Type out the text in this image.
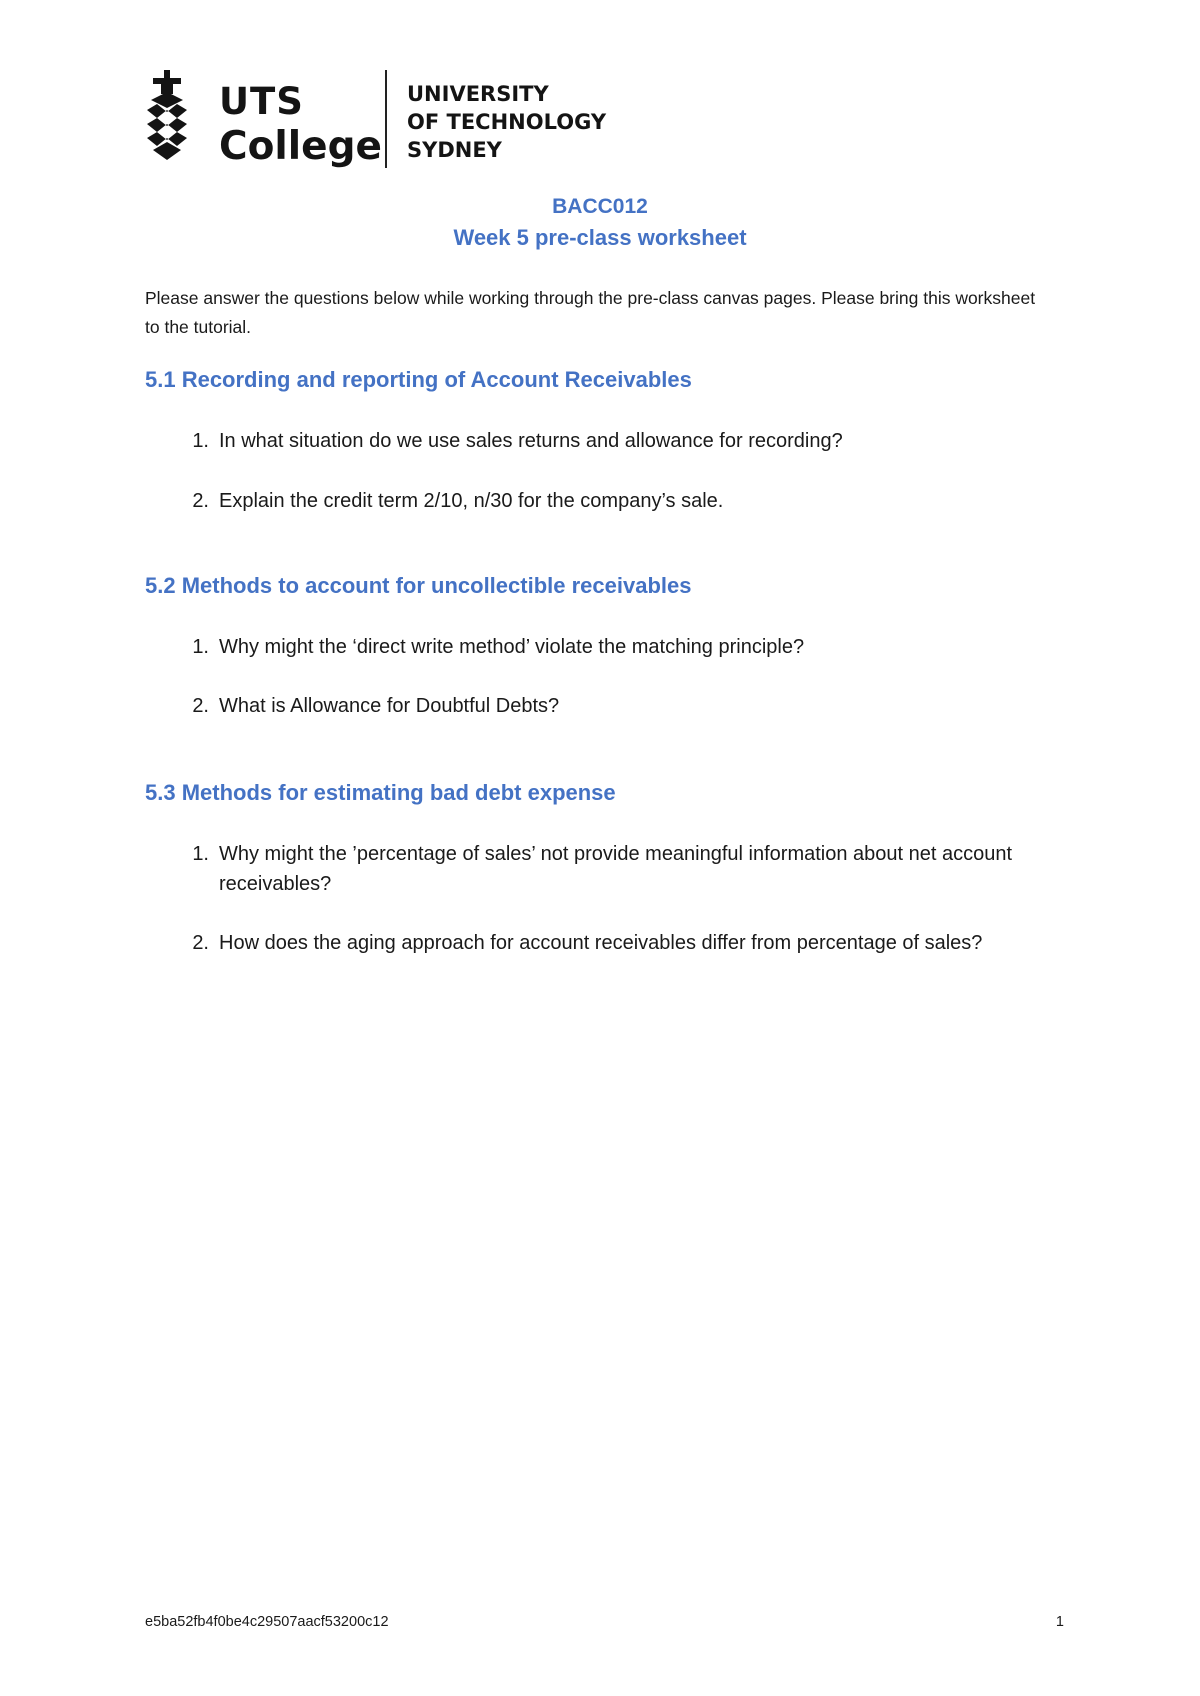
UTS
College
UNIVERSITY
OF TECHNOLOGY
SYDNEY
BACC012
Week 5 pre-class worksheet
Please answer the questions below while working through the pre-class canvas pages. Please bring this worksheet to the tutorial.
5.1 Recording and reporting of Account Receivables
1. In what situation do we use sales returns and allowance for recording?
2. Explain the credit term 2/10, n/30 for the company’s sale.
5.2 Methods to account for uncollectible receivables
1. Why might the ‘direct write method’ violate the matching principle?
2. What is Allowance for Doubtful Debts?
5.3 Methods for estimating bad debt expense
1. Why might the ’percentage of sales’ not provide meaningful information about net account receivables?
2. How does the aging approach for account receivables differ from percentage of sales?
e5ba52fb4f0be4c29507aacf53200c12	1
